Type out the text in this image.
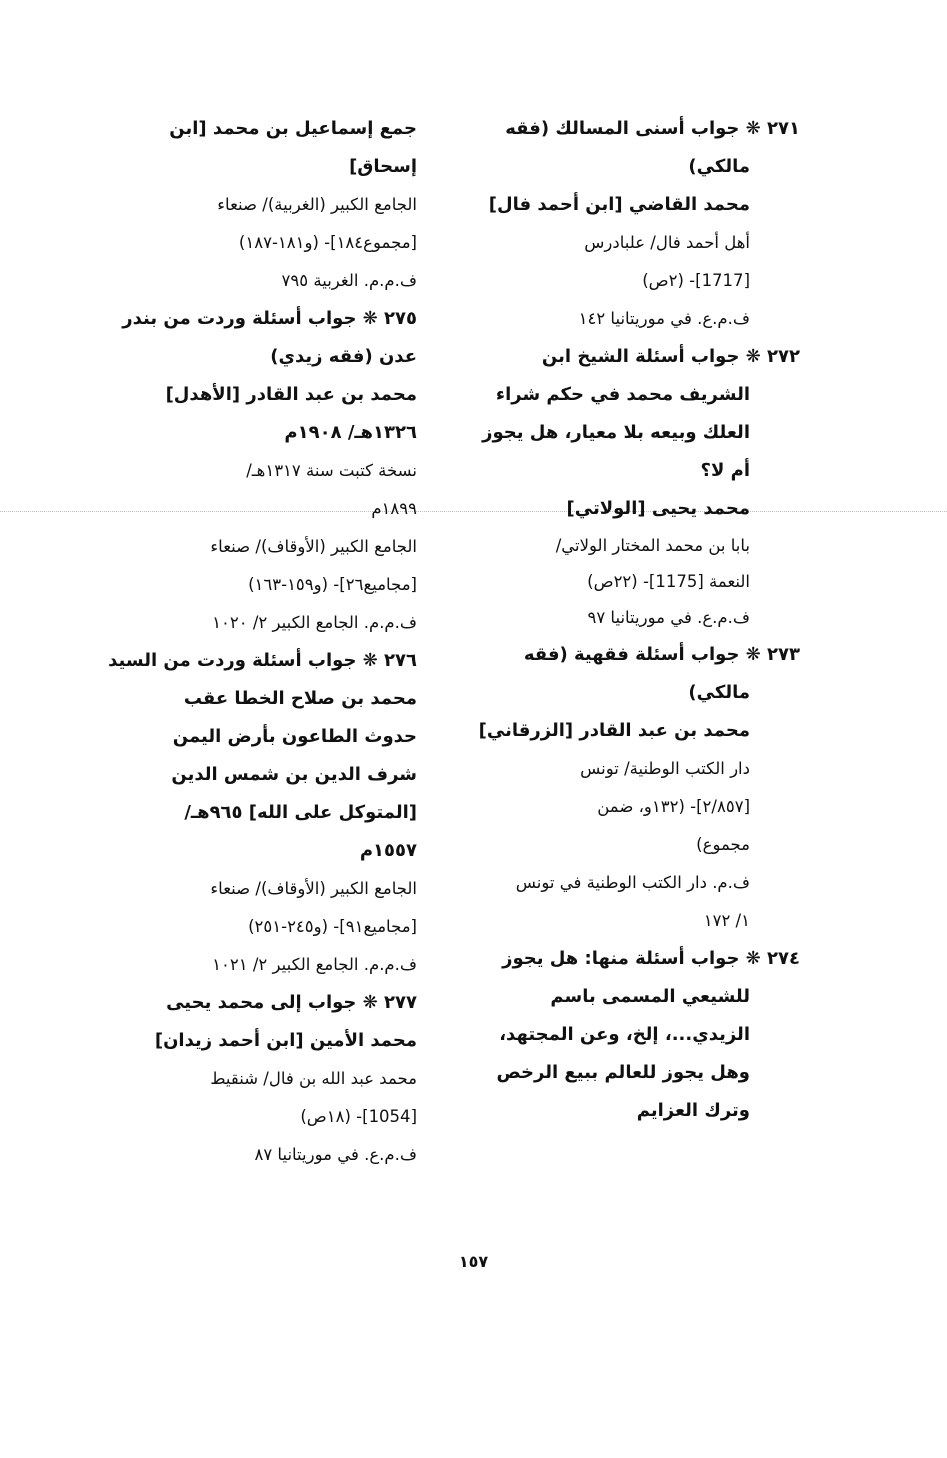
٢٧١ ❋ جواب أسنى المسالك (فقه
مالكي)
محمد القاضي [ابن أحمد فال]
أهل أحمد فال/ علبادرس
[1717]- (٢ص)
ف.م.ع. في موريتانيا ١٤٢
٢٧٢ ❋ جواب أسئلة الشيخ ابن
الشريف محمد في حكم شراء
العلك وبيعه بلا معيار، هل يجوز
أم لا؟
محمد يحيى [الولاتي]
بابا بن محمد المختار الولاتي/
النعمة [1175]- (٢٢ص)
ف.م.ع. في موريتانيا ٩٧
٢٧٣ ❋ جواب أسئلة فقهية (فقه
مالكي)
محمد بن عبد القادر [الزرقاني]
دار الكتب الوطنية/ تونس
[٢/٨٥٧]- (١٣٢و، ضمن
مجموع)
ف.م. دار الكتب الوطنية في تونس
١/ ١٧٢
٢٧٤ ❋ جواب أسئلة منها: هل يجوز
للشيعي المسمى باسم
الزيدي...، إلخ، وعن المجتهد،
وهل يجوز للعالم ببيع الرخص
وترك العزايم
جمع إسماعيل بن محمد [ابن
إسحاق]
الجامع الكبير (الغربية)/ صنعاء
[مجموع١٨٤]- (و١٨١-١٨٧)
ف.م.م. الغربية ٧٩٥
٢٧٥ ❋ جواب أسئلة وردت من بندر
عدن (فقه زيدي)
محمد بن عبد القادر [الأهدل]
١٣٢٦هـ/ ١٩٠٨م
نسخة كتبت سنة ١٣١٧هـ/
١٨٩٩م
الجامع الكبير (الأوقاف)/ صنعاء
[مجاميع٢٦]- (و١٥٩-١٦٣)
ف.م.م. الجامع الكبير ٢/ ١٠٢٠
٢٧٦ ❋ جواب أسئلة وردت من السيد
محمد بن صلاح الخطا عقب
حدوث الطاعون بأرض اليمن
شرف الدين بن شمس الدين
[المتوكل على الله] ٩٦٥هـ/
١٥٥٧م
الجامع الكبير (الأوقاف)/ صنعاء
[مجاميع٩١]- (و٢٤٥-٢٥١)
ف.م.م. الجامع الكبير ٢/ ١٠٢١
٢٧٧ ❋ جواب إلى محمد يحيى
محمد الأمين [ابن أحمد زيدان]
محمد عبد الله بن فال/ شنقيط
[1054]- (١٨ص)
ف.م.ع. في موريتانيا ٨٧
١٥٧
